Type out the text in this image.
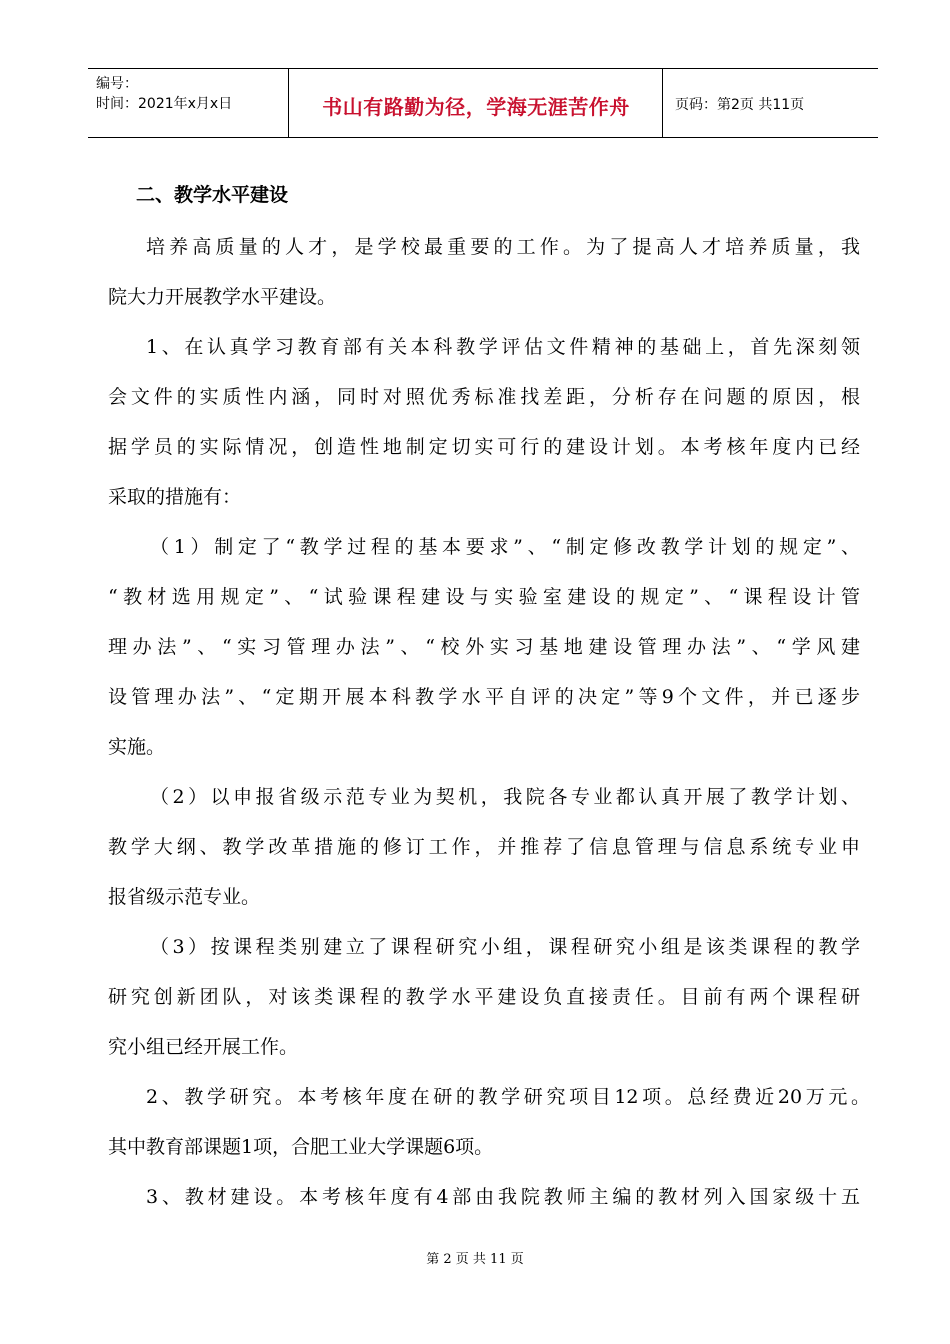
编号：
时间：2021年x月x日	书山有路勤为径，学海无涯苦作舟	页码：第2页 共11页
二、教学水平建设
培养高质量的人才，是学校最重要的工作。为了提高人才培养质量，我
院大力开展教学水平建设。
1、在认真学习教育部有关本科教学评估文件精神的基础上，首先深刻领
会文件的实质性内涵，同时对照优秀标准找差距，分析存在问题的原因，根
据学员的实际情况，创造性地制定切实可行的建设计划。本考核年度内已经
采取的措施有：
（1）制定了“教学过程的基本要求”、“制定修改教学计划的规定”、
“教材选用规定”、“试验课程建设与实验室建设的规定”、“课程设计管
理办法”、“实习管理办法”、“校外实习基地建设管理办法”、“学风建
设管理办法”、“定期开展本科教学水平自评的决定”等9个文件，并已逐步
实施。
（2）以申报省级示范专业为契机，我院各专业都认真开展了教学计划、
教学大纲、教学改革措施的修订工作，并推荐了信息管理与信息系统专业申
报省级示范专业。
（3）按课程类别建立了课程研究小组，课程研究小组是该类课程的教学
研究创新团队，对该类课程的教学水平建设负直接责任。目前有两个课程研
究小组已经开展工作。
2、教学研究。本考核年度在研的教学研究项目12项。总经费近20万元。
其中教育部课题1项，合肥工业大学课题6项。
3、教材建设。本考核年度有4部由我院教师主编的教材列入国家级十五
第 2 页 共 11 页
